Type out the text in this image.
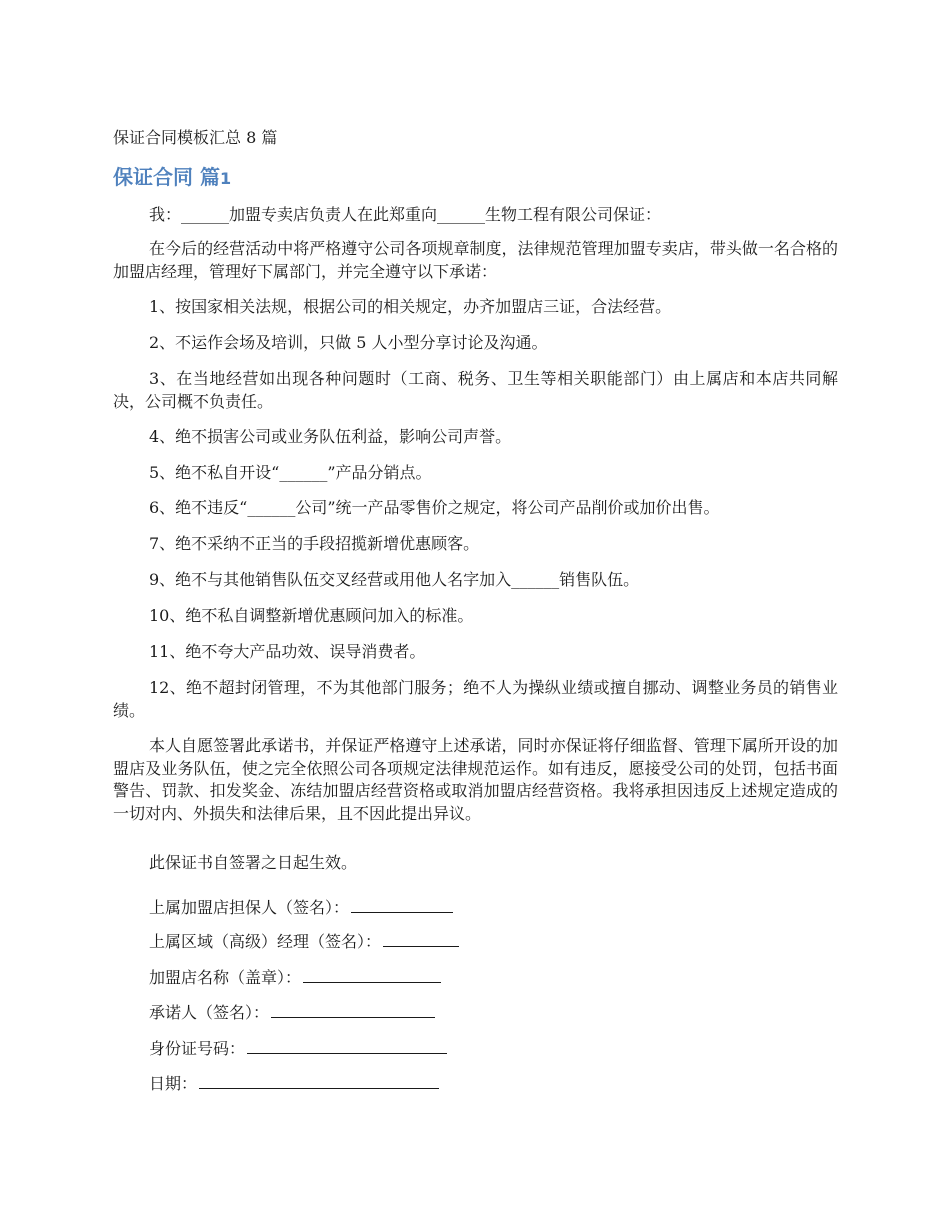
保证合同模板汇总 8 篇
保证合同 篇1

我：______加盟专卖店负责人在此郑重向______生物工程有限公司保证：

在今后的经营活动中将严格遵守公司各项规章制度，法律规范管理加盟专卖店，带头做一名合格的加盟店经理，管理好下属部门，并完全遵守以下承诺：

1、按国家相关法规，根据公司的相关规定，办齐加盟店三证，合法经营。

2、不运作会场及培训，只做 5 人小型分享讨论及沟通。

3、在当地经营如出现各种问题时（工商、税务、卫生等相关职能部门）由上属店和本店共同解决，公司概不负责任。

4、绝不损害公司或业务队伍利益，影响公司声誉。

5、绝不私自开设“______”产品分销点。

6、绝不违反“______公司”统一产品零售价之规定，将公司产品削价或加价出售。

7、绝不采纳不正当的手段招揽新增优惠顾客。

9、绝不与其他销售队伍交叉经营或用他人名字加入______销售队伍。

10、绝不私自调整新增优惠顾问加入的标准。

11、绝不夸大产品功效、误导消费者。

12、绝不超封闭管理，不为其他部门服务；绝不人为操纵业绩或擅自挪动、调整业务员的销售业绩。

本人自愿签署此承诺书，并保证严格遵守上述承诺，同时亦保证将仔细监督、管理下属所开设的加盟店及业务队伍，使之完全依照公司各项规定法律规范运作。如有违反，愿接受公司的处罚，包括书面警告、罚款、扣发奖金、冻结加盟店经营资格或取消加盟店经营资格。我将承担因违反上述规定造成的一切对内、外损失和法律后果，且不因此提出异议。

此保证书自签署之日起生效。

上属加盟店担保人（签名）：
上属区域（高级）经理（签名）：
加盟店名称（盖章）：
承诺人（签名）：
身份证号码：
日期：
